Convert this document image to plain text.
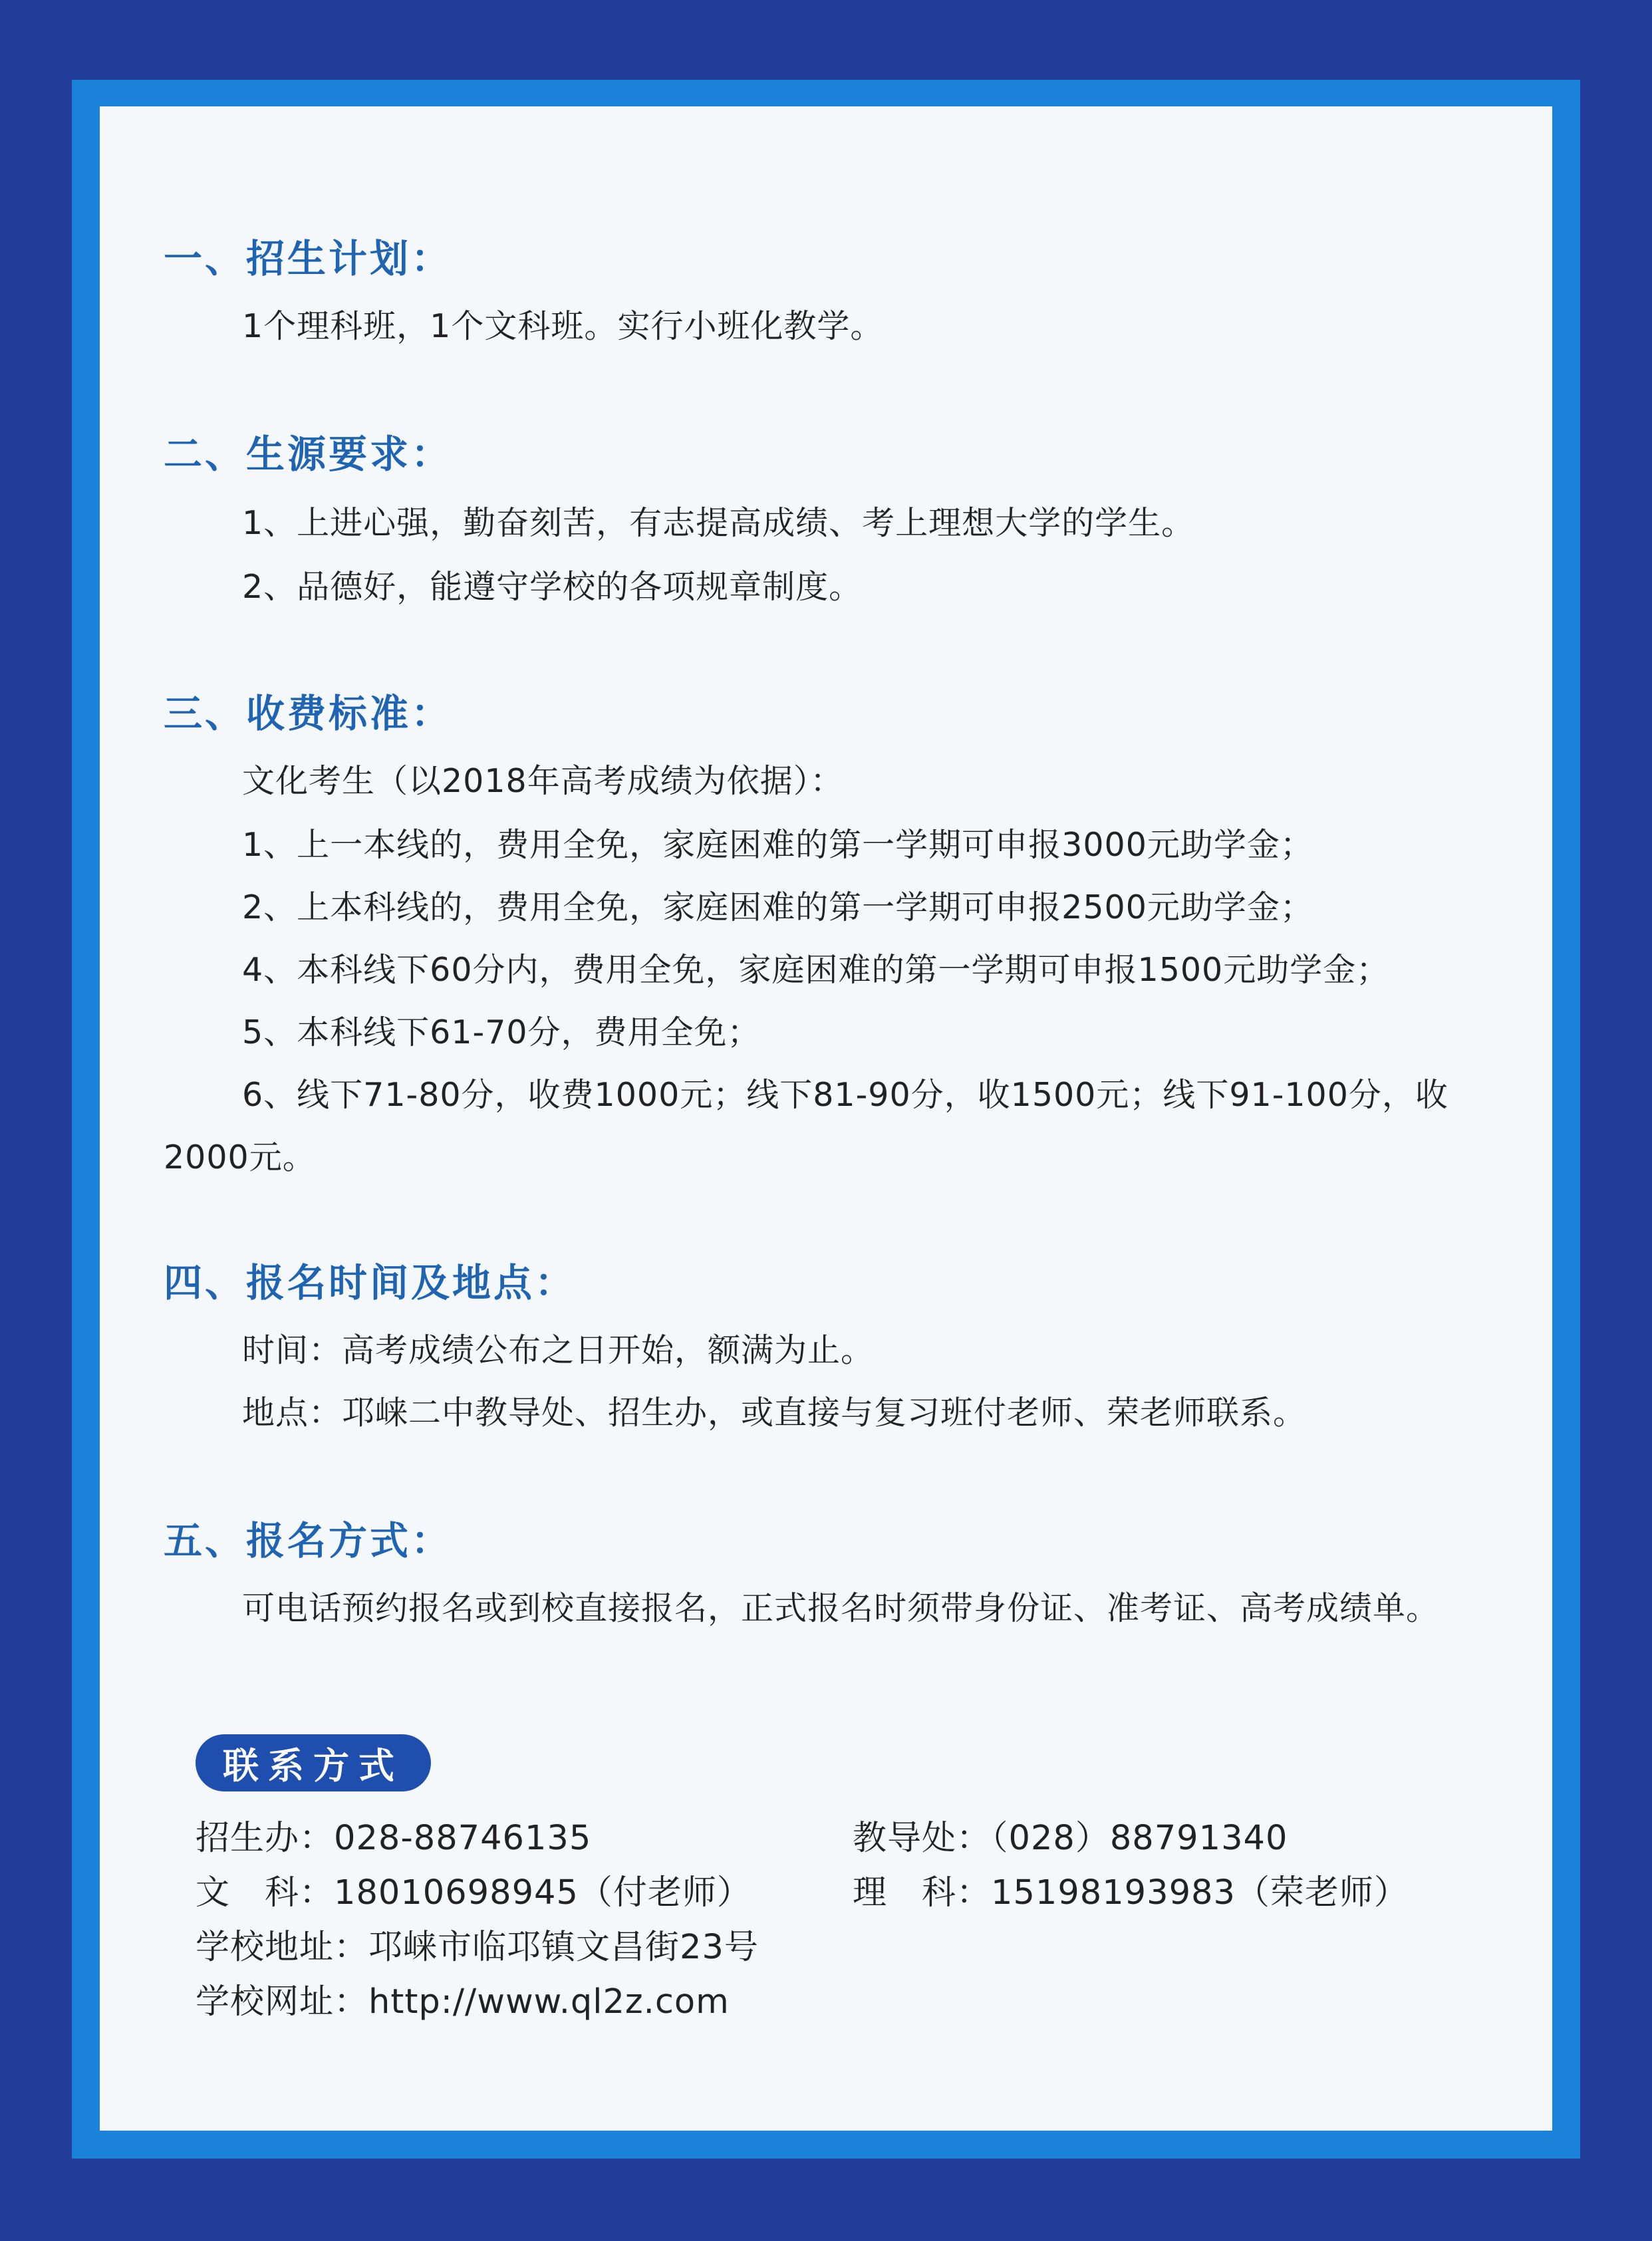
一、招生计划：
1个理科班，1个文科班。实行小班化教学。
二、生源要求：
1、上进心强，勤奋刻苦，有志提高成绩、考上理想大学的学生。
2、品德好，能遵守学校的各项规章制度。
三、收费标准：
文化考生（以2018年高考成绩为依据）：
1、上一本线的，费用全免，家庭困难的第一学期可申报3000元助学金；
2、上本科线的，费用全免，家庭困难的第一学期可申报2500元助学金；
4、本科线下60分内，费用全免，家庭困难的第一学期可申报1500元助学金；
5、本科线下61-70分，费用全免；
6、线下71-80分，收费1000元；线下81-90分，收1500元；线下91-100分，收
2000元。
四、报名时间及地点：
时间：高考成绩公布之日开始，额满为止。
地点：邛崃二中教导处、招生办，或直接与复习班付老师、荣老师联系。
五、报名方式：
可电话预约报名或到校直接报名，正式报名时须带身份证、准考证、高考成绩单。
联系方式
招生办：028-88746135	教导处：（028）88791340
文　科：18010698945（付老师）	理　科：15198193983（荣老师）
学校地址：邛崃市临邛镇文昌街23号
学校网址：http://www.ql2z.com
